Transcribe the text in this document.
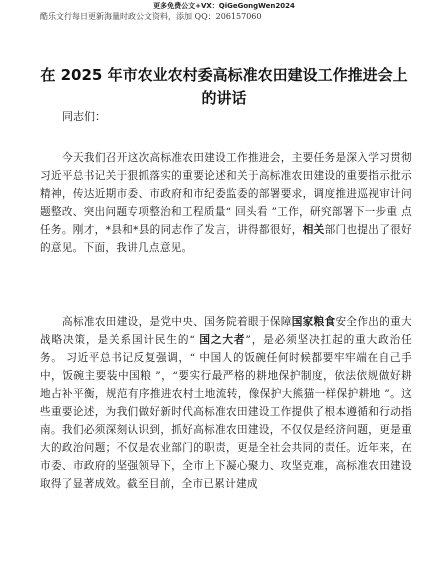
更多免费公文+VX：QiGeGongWen2024
酷乐文行每日更新海量时政公文资料，添加 QQ：206157060
在 2025 年市农业农村委高标准农田建设工作推进会上的讲话
同志们：

今天我们召开这次高标准农田建设工作推进会，主要任务是深入学习贯彻习近平总书记关于狠抓落实的重要论述和关于高标准农田建设的重要指示批示精神，传达近期市委、市政府和市纪委监委的部署要求，调度推进巡视审计问题整改、突出问题专项整治和工程质量“ 回头看 ”工作，研究部署下一步重 点任务。刚才，*县和*县的同志作了发言，讲得都很好，相关部门也提出了很好的意见。下面，我讲几点意见。

高标准农田建设，是党中央、国务院着眼于保障国家粮食安全作出的重大战略决策，是关系国计民生的“ 国之大者”，是必须坚决扛起的重大政治任务。 习近平总书记反复强调，“ 中国人的饭碗任何时候都要牢牢端在自己手中，饭碗主要装中国粮 ”，“要实行最严格的耕地保护制度，依法依规做好耕地占补平衡，规范有序推进农村土地流转，像保护大熊猫一样保护耕地 ”。这些重要论述，为我们做好新时代高标准农田建设工作提供了根本遵循和行动指南。我们必须深刻认识到，抓好高标准农田建设，不仅仅是经济问题，更是重大的政治问题；不仅是农业部门的职责，更是全社会共同的责任。近年来，在市委、市政府的坚强领导下，全市上下凝心聚力、攻坚克难，高标准农田建设取得了显著成效。截至目前，全市已累计建成
